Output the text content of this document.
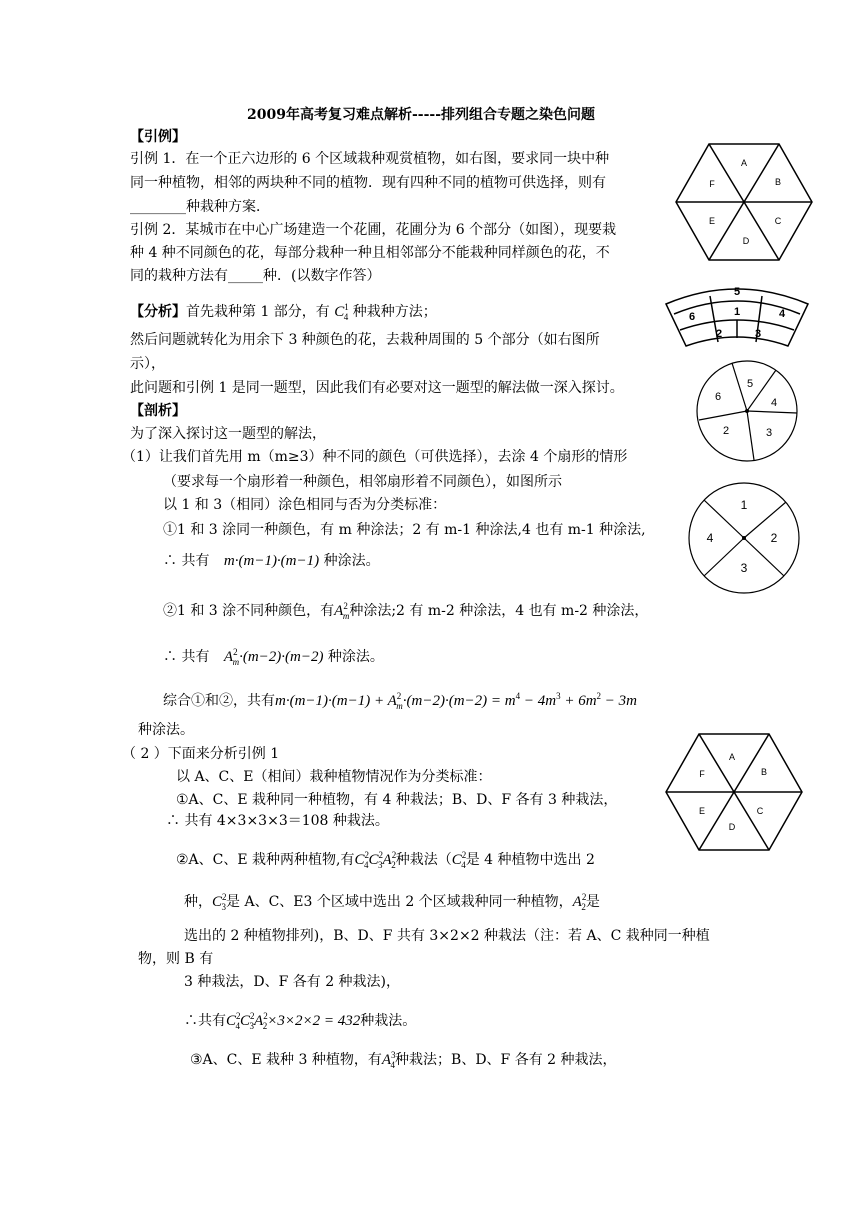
2009年高考复习难点解析-----排列组合专题之染色问题
【引例】
引例 1．在一个正六边形的 6 个区域栽种观赏植物，如右图，要求同一块中种
同一种植物，相邻的两块种不同的植物．现有四种不同的植物可供选择，则有
________种栽种方案．
引例 2．某城市在中心广场建造一个花圃，花圃分为 6 个部分（如图），现要栽
种 4 种不同颜色的花，每部分栽种一种且相邻部分不能栽种同样颜色的花，不
同的栽种方法有_____种．(以数字作答）
【分析】首先栽种第 1 部分，有 $C^1_4$ 种栽种方法；
然后问题就转化为用余下 3 种颜色的花，去栽种周围的 5 个部分（如右图所
示），
此问题和引例 1 是同一题型，因此我们有必要对这一题型的解法做一深入探讨。
【剖析】
为了深入探讨这一题型的解法，
（1）让我们首先用 m（m≥3）种不同的颜色（可供选择），去涂 4 个扇形的情形
（要求每一个扇形着一种颜色，相邻扇形着不同颜色），如图所示
以 1 和 3（相同）涂色相同与否为分类标准：
①1 和 3 涂同一种颜色，有 m 种涂法；2 有 m-1 种涂法,4 也有 m-1 种涂法,
∴ 共有 m·(m−1)·(m−1) 种涂法。
②1 和 3 涂不同种颜色，有$A^2_m$种涂法;2 有 m-2 种涂法，4 也有 m-2 种涂法，
∴ 共有 $A^2_m\cdot(m-2)\cdot(m-2)$ 种涂法。
综合①和②，共有$m\cdot(m-1)\cdot(m-1) + A^2_m\cdot(m-2)\cdot(m-2) = m^4 - 4m^3 + 6m^2 - 3m$
种涂法。
（ 2 ）下面来分析引例 1
以 A、C、E（相间）栽种植物情况作为分类标准：
①A、C、E 栽种同一种植物，有 4 种栽法；B、D、F 各有 3 种栽法，
∴ 共有 4×3×3×3＝108 种栽法。
②A、C、E 栽种两种植物,有$C^2_4C^2_3A^2_2$种栽法（$C^2_4$是 4 种植物中选出 2
种，$C^2_3$是 A、C、E3 个区域中选出 2 个区域栽种同一种植物，$A^2_2$是
选出的 2 种植物排列)，B、D、F 共有 3×2×2 种栽法（注：若 A、C 栽种同一种植
物，则 B 有
3 种栽法，D、F 各有 2 种栽法)，
∴共有$C^2_4C^2_3A^2_2\times 3\times 2\times 2 = 432$种栽法。
③A、C、E 栽种 3 种植物，有$A^3_4$种栽法；B、D、F 各有 2 种栽法，
A
B
C
D
E
F
5
1
6	4
2	3
5
4
3
2
6
1
2
3
4
A
B
C
D
E
F
